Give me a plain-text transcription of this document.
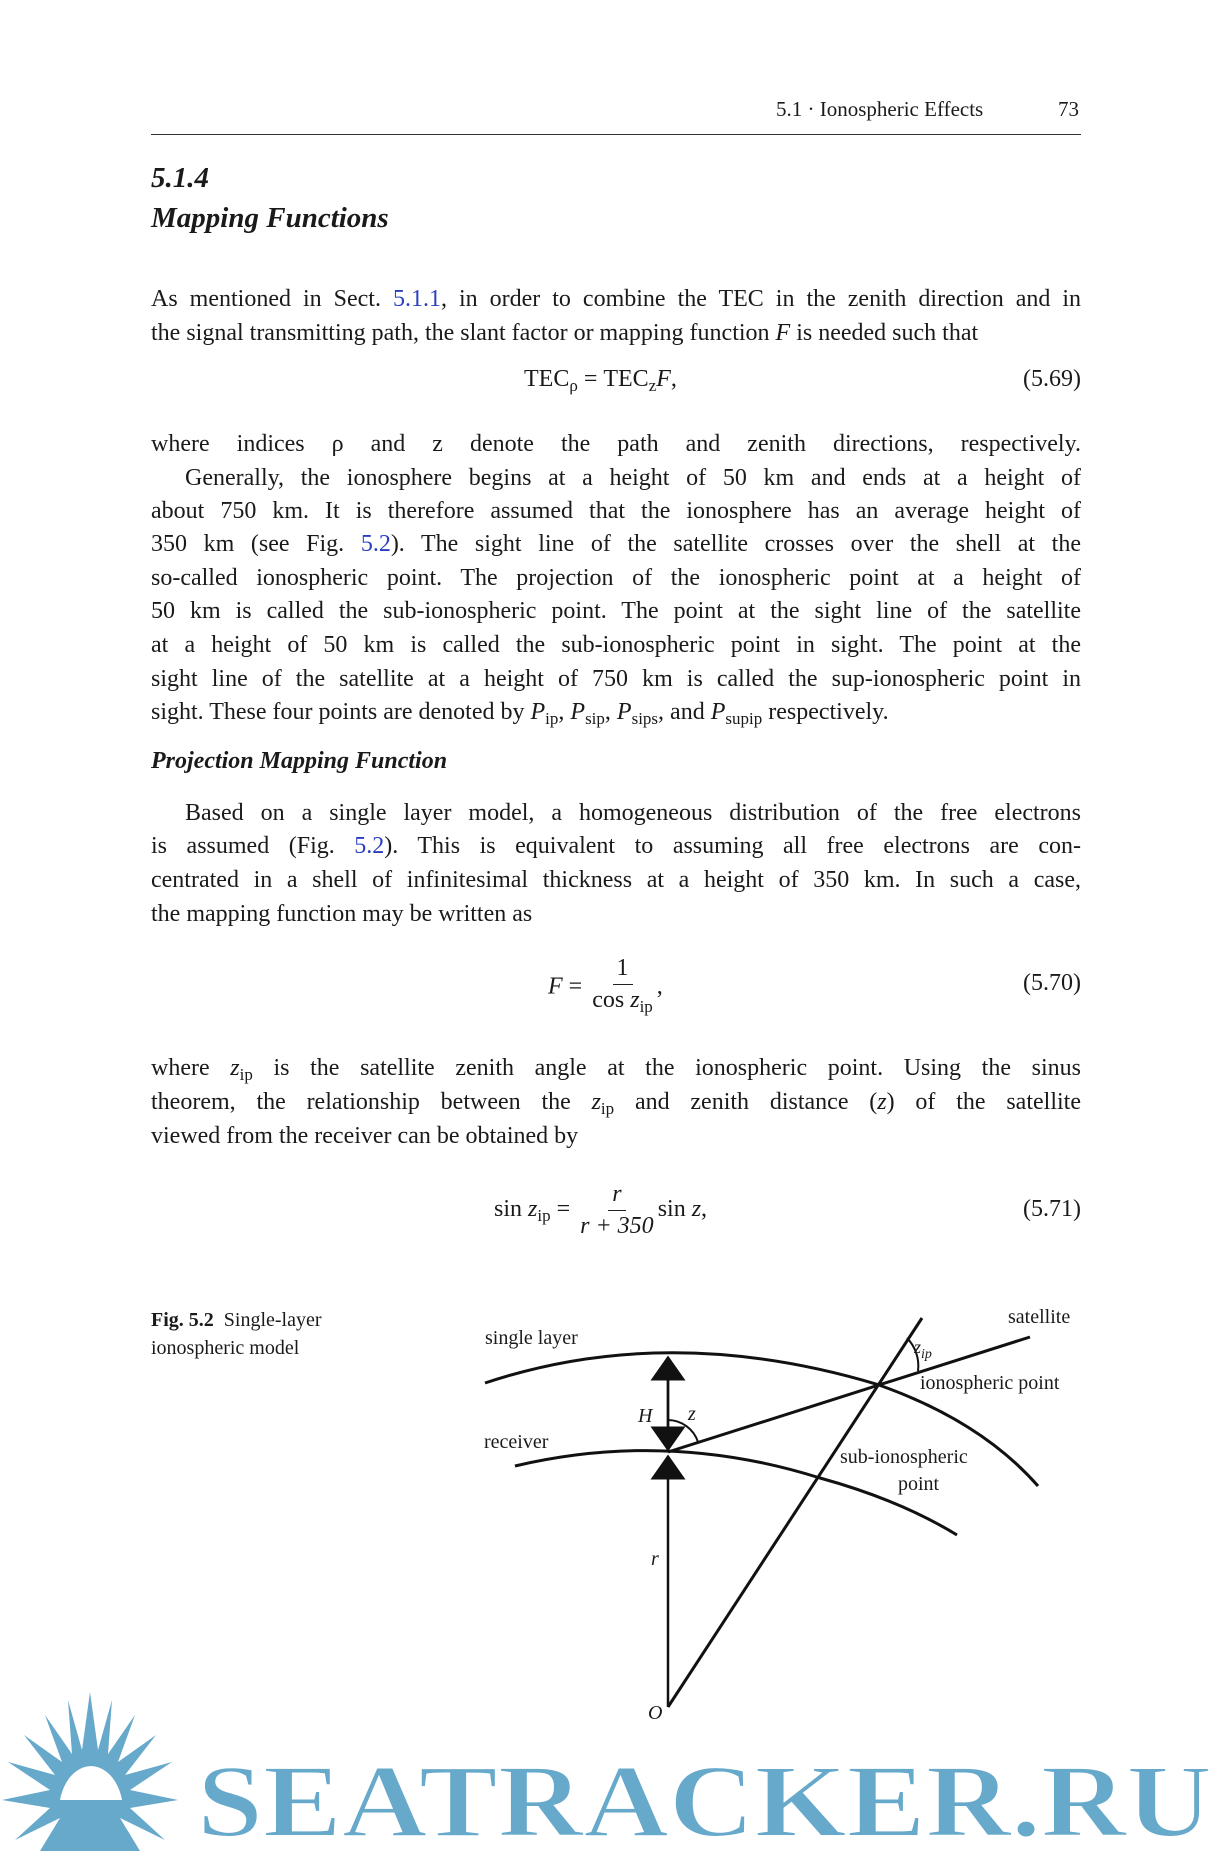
5.1 · Ionospheric Effects	73
5.1.4
Mapping Functions
As mentioned in Sect. 5.1.1, in order to combine the TEC in the zenith direction and in
the signal transmitting path, the slant factor or mapping function F is needed such that
where indices ρ and z denote the path and zenith directions, respectively.
Generally, the ionosphere begins at a height of 50 km and ends at a height of
about 750 km. It is therefore assumed that the ionosphere has an average height of
350 km (see Fig. 5.2). The sight line of the satellite crosses over the shell at the
so-called ionospheric point. The projection of the ionospheric point at a height of
50 km is called the sub-ionospheric point. The point at the sight line of the satellite
at a height of 50 km is called the sub-ionospheric point in sight. The point at the
sight line of the satellite at a height of 750 km is called the sup-ionospheric point in
sight. These four points are denoted by $P_{ip}$, $P_{sip}$, $P_{sips}$, and $P_{supip}$ respectively.
Based on a single layer model, a homogeneous distribution of the free electrons
is assumed (Fig. 5.2). This is equivalent to assuming all free electrons are con-
centrated in a shell of infinitesimal thickness at a height of 350 km. In such a case,
the mapping function may be written as
where $z_{ip}$ is the satellite zenith angle at the ionospheric point. Using the sinus
theorem, the relationship between the $z_{ip}$ and zenith distance (z) of the satellite
viewed from the receiver can be obtained by
$TEC_\rho = TEC_zF$,	(5.69)
Projection Mapping Function
$F = \frac{1}{\cos z_{ip}}$ ,	(5.70)
$\sin z_{ip} = \frac{r}{r + 350}$ sin z,	(5.71)
Fig. 5.2 Single-layer
ionospheric model	single layer
satellite
ionospheric point
$z_{ip}$
H z
receiver
sub-ionospheric
point
r
O
SEATRACKER.RU
